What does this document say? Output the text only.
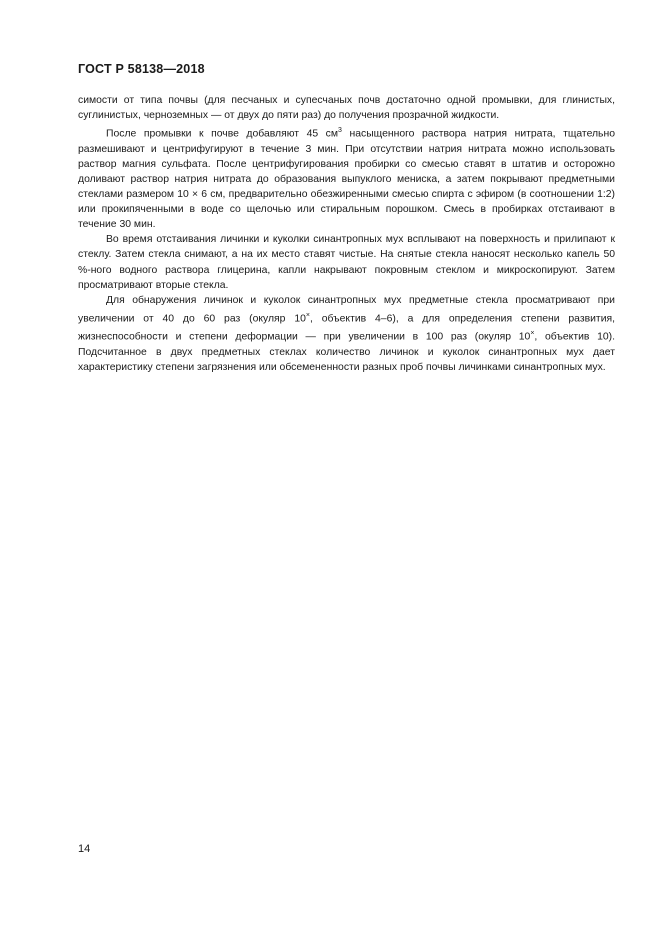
ГОСТ Р 58138—2018

симости от типа почвы (для песчаных и супесчаных почв достаточно одной промывки, для глинистых, суглинистых, черноземных — от двух до пяти раз) до получения прозрачной жидкости.

После промывки к почве добавляют 45 $см^3$ насыщенного раствора натрия нитрата, тщательно размешивают и центрифугируют в течение 3 мин. При отсутствии натрия нитрата можно использовать раствор магния сульфата. После центрифугирования пробирки со смесью ставят в штатив и осторожно доливают раствор натрия нитрата до образования выпуклого мениска, а затем покрывают предметными стеклами размером 10 × 6 см, предварительно обезжиренными смесью спирта с эфиром (в соотношении 1:2) или прокипяченными в воде со щелочью или стиральным порошком. Смесь в пробирках отстаивают в течение 30 мин.

Во время отстаивания личинки и куколки синантропных мух всплывают на поверхность и прилипают к стеклу. Затем стекла снимают, а на их место ставят чистые. На снятые стекла наносят несколько капель 50 %-ного водного раствора глицерина, капли накрывают покровным стеклом и микроскопируют. Затем просматривают вторые стекла.

Для обнаружения личинок и куколок синантропных мух предметные стекла просматривают при увеличении от 40 до 60 раз (окуляр 10×, объектив 4–6), а для определения степени развития, жизнеспособности и степени деформации — при увеличении в 100 раз (окуляр 10×, объектив 10). Подсчитанное в двух предметных стеклах количество личинок и куколок синантропных мух дает характеристику степени загрязнения или обсемененности разных проб почвы личинками синантропных мух.

14
